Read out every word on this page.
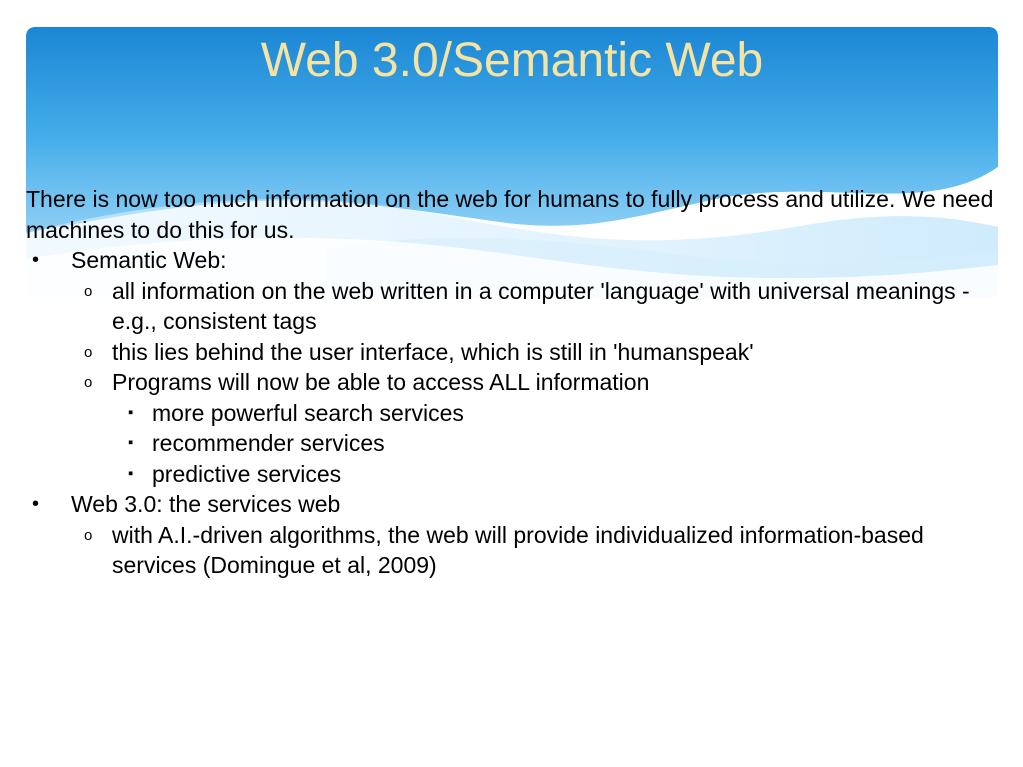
Web 3.0/Semantic Web

There is now too much information on the web for humans to fully process and utilize. We need machines to do this for us.

• Semantic Web:
o all information on the web written in a computer 'language' with universal meanings - e.g., consistent tags
o this lies behind the user interface, which is still in 'humanspeak'
o Programs will now be able to access ALL information
▪ more powerful search services
▪ recommender services
▪ predictive services
• Web 3.0: the services web
o with A.I.-driven algorithms, the web will provide individualized information-based services (Domingue et al, 2009)
